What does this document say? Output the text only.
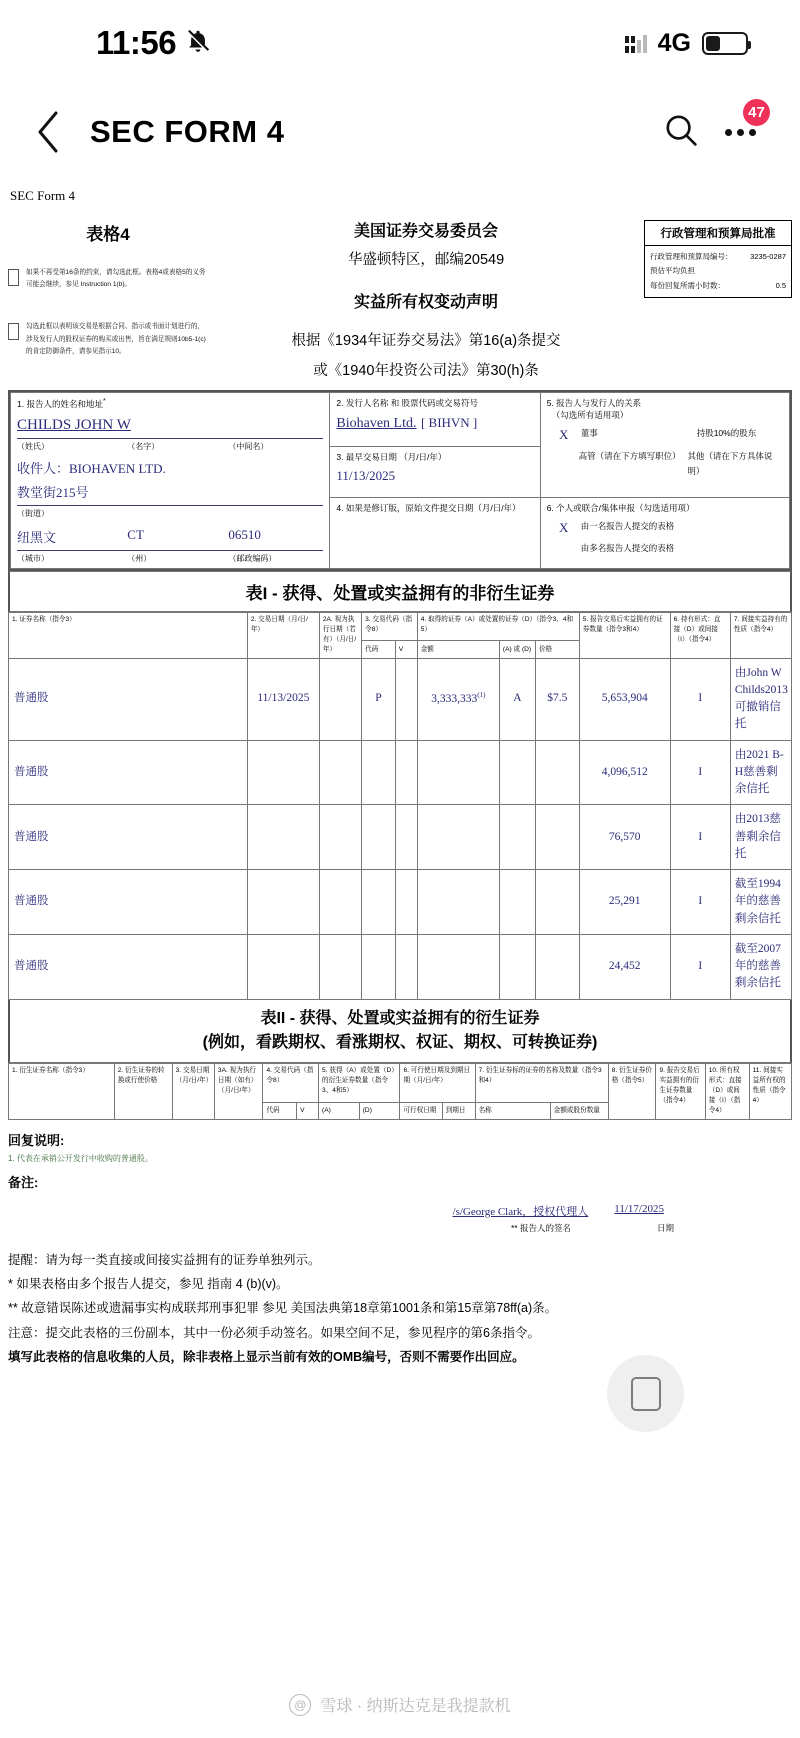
11:56	4G
SEC FORM 4
47
SEC Form 4
表格4
如果不再受第16条的约束，请勾选此框。表格4或表格5的义务可能会继续，参见 Instruction 1(b)。
勾选此框以表明该交易是根据合同、指示或书面计划进行的，涉及发行人的股权证券的购买或出售，旨在满足规则10b5-1(c)的肯定防御条件，请参见指示10。
美国证券交易委员会
华盛顿特区，邮编20549
实益所有权变动声明
根据《1934年证券交易法》第16(a)条提交
或《1940年投资公司法》第30(h)条
行政管理和预算局批准
行政管理和预算局编号： 3235-0287
预估平均负担
每份回复所需小时数：	0.5
1. 报告人的姓名和地址*
CHILDS JOHN W
（姓氏）	（名字）	（中间名）
收件人：BIOHAVEN LTD.
教堂街215号
（街道）
纽黑文	CT	06510
（城市）	（州）	（邮政编码）

2. 发行人名称 和 股票代码或交易符号
Biohaven Ltd. [ BIHVN ]

5. 报告人与发行人的关系
（勾选所有适用项）
X	董事	持股10%的股东
高管（请在下方填写职位） 其他（请在下方具体说明）

	3. 最早交易日期 （月/日/年）
11/13/2025	

	4. 如果是修订版，原始文件提交日期（月/日/年）	6. 个人或联合/集体申报（勾选适用项）
X 由一名报告人提交的表格
由多名报告人提交的表格
表I - 获得、处置或实益拥有的非衍生证券
1. 证券名称（指令3）	2. 交易日期（月/日/年）	2A. 视为执行日期（若有）（月/日/年）	3. 交易代码（指令8）		4. 取得的证券（A）或处置的证券（D）（指令3、4和5）			5. 报告交易后实益拥有的证券数量（指令3和4）	6. 持有形式：直接（D）或间接（I）（指令4）	7. 间接实益持有的性质（指令4）
			代码	V	金额	(A) 或 (D)	价格			
普通股	11/13/2025		P		3,333,333$^{(1)}$	A	$7.5	5,653,904	I	由John W Childs2013可撤销信托
普通股								4,096,512	I	由2021 B-H慈善剩余信托
普通股								76,570	I	由2013慈善剩余信托
普通股								25,291	I	截至1994年的慈善剩余信托
普通股								24,452	I	截至2007年的慈善剩余信托
表II - 获得、处置或实益拥有的衍生证券
(例如，看跌期权、看涨期权、权证、期权、可转换证券)
1. 衍生证券名称（指令3）	2. 衍生证券的转换或行使价格	3. 交易日期（月/日/年）	3A. 视为执行日期（如有）（月/日/年）	4. 交易代码（指令8）		5. 获得（A）或处置（D）的衍生证券数量（指令3、4和5）		6. 可行使日期及到期日期（月/日/年）		7. 衍生证券标的证券的名称及数量（指令3和4）		8. 衍生证券价格（指令5）	9. 报告交易后实益拥有的衍生证券数量（指令4）	10. 所有权形式：直接（D）或间接（I）（指令4）	11. 间接实益所有权的性质（指令 4）
				代码	V	(A)	(D)	可行权日期	到期日	名称	金额或股份数量				
回复说明:

1. 代表在承销公开发行中收购的普通股。

备注:
/s/George Clark，授权代理人 11/17/2025
** 报告人的签名	日期
提醒：请为每一类直接或间接实益拥有的证券单独列示。
* 如果表格由多个报告人提交，参见 指南 4 (b)(v)。
** 故意错误陈述或遗漏事实构成联邦刑事犯罪 参见 美国法典第18章第1001条和第15章第78ff(a)条。
注意：提交此表格的三份副本，其中一份必须手动签名。如果空间不足，参见程序的第6条指令。
填写此表格的信息收集的人员，除非表格上显示当前有效的OMB编号，否则不需要作出回应。
@ 雪球 · 纳斯达克是我提款机
